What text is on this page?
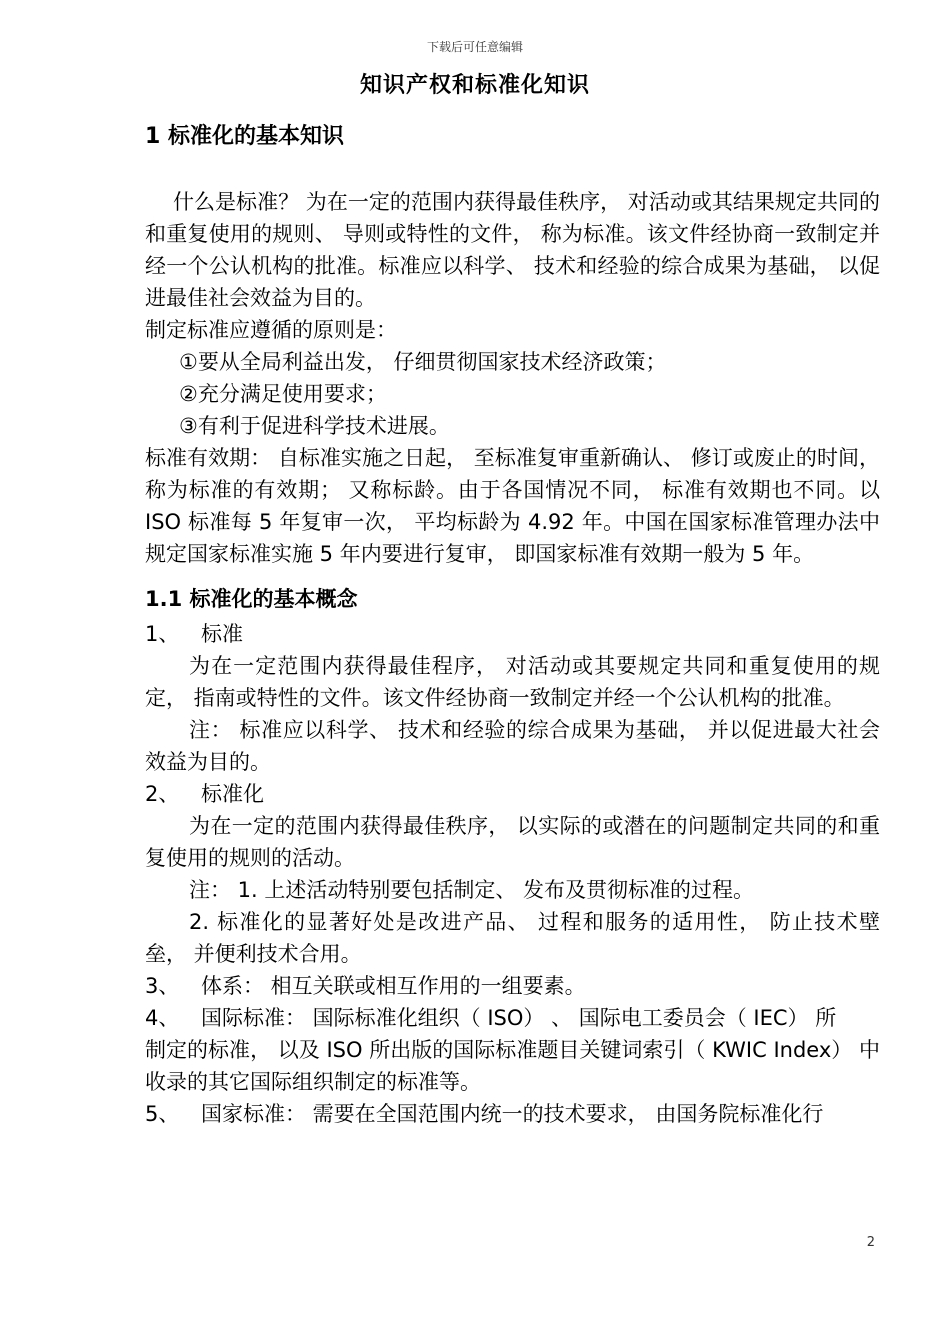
下载后可任意编辑
知识产权和标准化知识
1 标准化的基本知识

什么是标准？ 为在一定的范围内获得最佳秩序， 对活动或其结果规定共同的和重复使用的规则、 导则或特性的文件， 称为标准。该文件经协商一致制定并经一个公认机构的批准。标准应以科学、 技术和经验的综合成果为基础， 以促进最佳社会效益为目的。

制定标准应遵循的原则是：

①要从全局利益出发， 仔细贯彻国家技术经济政策；

②充分满足使用要求；

③有利于促进科学技术进展。

标准有效期： 自标准实施之日起， 至标准复审重新确认、 修订或废止的时间， 称为标准的有效期； 又称标龄。由于各国情况不同， 标准有效期也不同。以 ISO 标准每 5 年复审一次， 平均标龄为 4.92 年。中国在国家标准管理办法中规定国家标准实施 5 年内要进行复审， 即国家标准有效期一般为 5 年。

1.1 标准化的基本概念

1、 标准

为在一定范围内获得最佳程序， 对活动或其要规定共同和重复使用的规定， 指南或特性的文件。该文件经协商一致制定并经一个公认机构的批准。

注： 标准应以科学、 技术和经验的综合成果为基础， 并以促进最大社会效益为目的。

2、 标准化

为在一定的范围内获得最佳秩序， 以实际的或潜在的问题制定共同的和重复使用的规则的活动。

注： 1. 上述活动特别要包括制定、 发布及贯彻标准的过程。

2. 标准化的显著好处是改进产品、 过程和服务的适用性， 防止技术壁垒， 并便利技术合用。

3、 体系： 相互关联或相互作用的一组要素。

4、 国际标准： 国际标准化组织（ ISO） 、 国际电工委员会（ IEC） 所

制定的标准， 以及 ISO 所出版的国际标准题目关键词索引（ KWIC Index） 中收录的其它国际组织制定的标准等。

5、 国家标准： 需要在全国范围内统一的技术要求， 由国务院标准化行

2
